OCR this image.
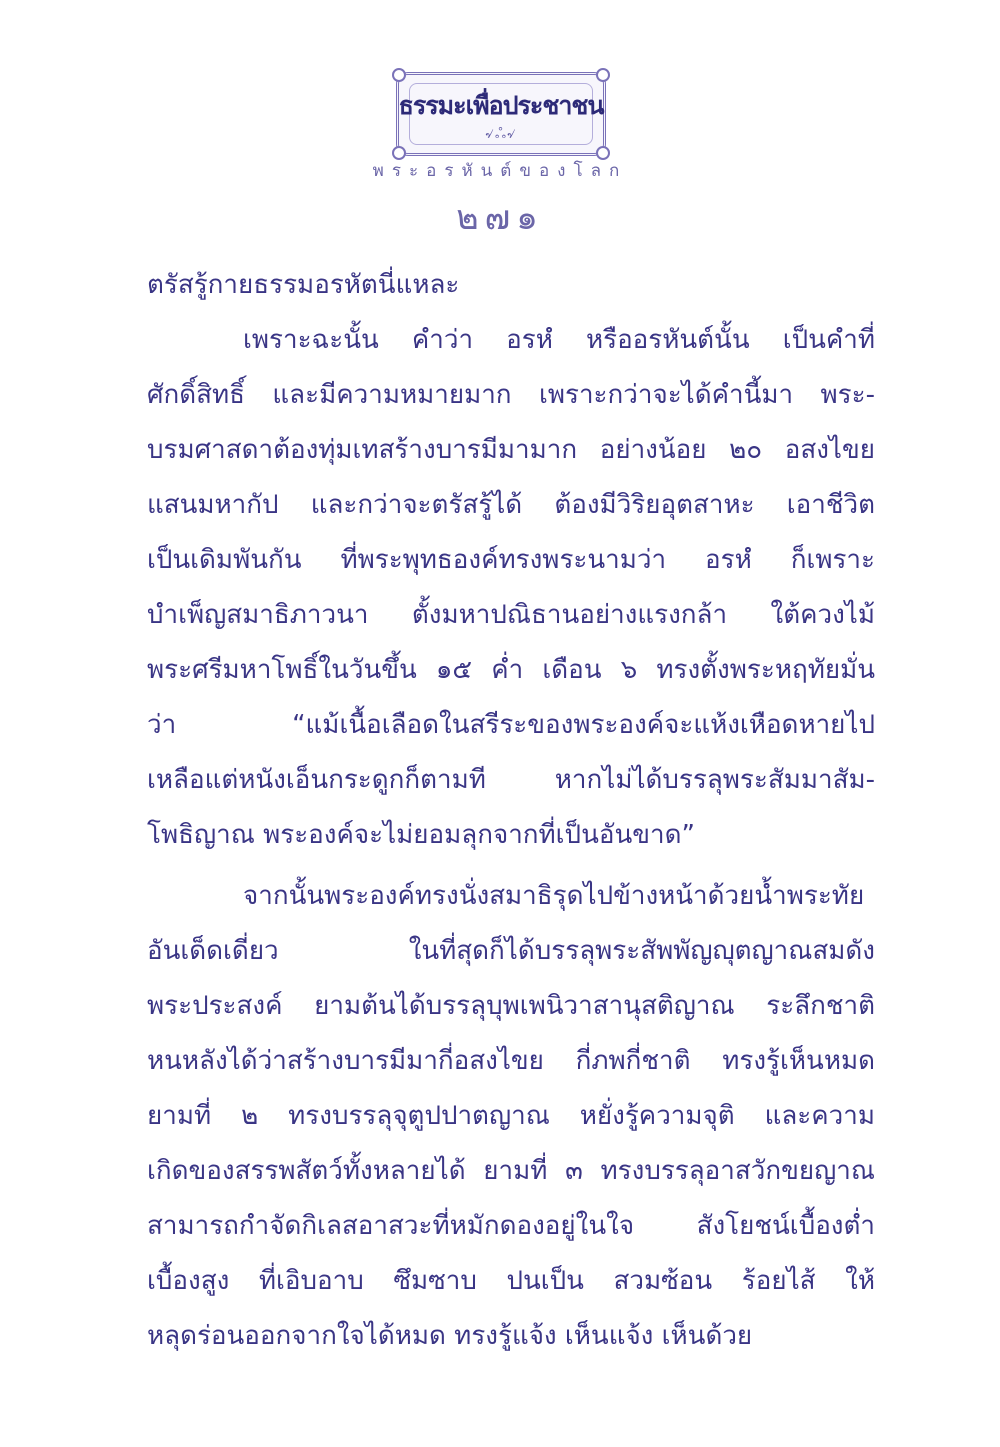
ธรรมะเพื่อประชาชน
৵ஃ৵
พระอรหันต์ของโลก
๒๗๑
ตรัสรู้กายธรรมอรหัตนี่แหละ
เพราะฉะนั้น คำว่า อรหํ หรืออรหันต์นั้น เป็นคำที่
ศักดิ์สิทธิ์ และมีความหมายมาก เพราะกว่าจะได้คำนี้มา พระ-
บรมศาสดาต้องทุ่มเทสร้างบารมีมามาก อย่างน้อย ๒๐ อสงไขย
แสนมหากัป และกว่าจะตรัสรู้ได้ ต้องมีวิริยอุตสาหะ เอาชีวิต
เป็นเดิมพันกัน ที่พระพุทธองค์ทรงพระนามว่า อรหํ ก็เพราะ
บำเพ็ญสมาธิภาวนา ตั้งมหาปณิธานอย่างแรงกล้า ใต้ควงไม้
พระศรีมหาโพธิ์ในวันขึ้น ๑๕ ค่ำ เดือน ๖ ทรงตั้งพระหฤทัยมั่น
ว่า “แม้เนื้อเลือดในสรีระของพระองค์จะแห้งเหือดหายไป
เหลือแต่หนังเอ็นกระดูกก็ตามที หากไม่ได้บรรลุพระสัมมาสัม-
โพธิญาณ พระองค์จะไม่ยอมลุกจากที่เป็นอันขาด”
จากนั้นพระองค์ทรงนั่งสมาธิรุดไปข้างหน้าด้วยน้ำพระทัย
อันเด็ดเดี่ยว ในที่สุดก็ได้บรรลุพระสัพพัญญุตญาณสมดัง
พระประสงค์ ยามต้นได้บรรลุบุพเพนิวาสานุสติญาณ ระลึกชาติ
หนหลังได้ว่าสร้างบารมีมากี่อสงไขย กี่ภพกี่ชาติ ทรงรู้เห็นหมด
ยามที่ ๒ ทรงบรรลุจุตูปปาตญาณ หยั่งรู้ความจุติ และความ
เกิดของสรรพสัตว์ทั้งหลายได้ ยามที่ ๓ ทรงบรรลุอาสวักขยญาณ
สามารถกำจัดกิเลสอาสวะที่หมักดองอยู่ในใจ สังโยชน์เบื้องต่ำ
เบื้องสูง ที่เอิบอาบ ซึมซาบ ปนเป็น สวมซ้อน ร้อยไส้ ให้
หลุดร่อนออกจากใจได้หมด ทรงรู้แจ้ง เห็นแจ้ง เห็นด้วย
